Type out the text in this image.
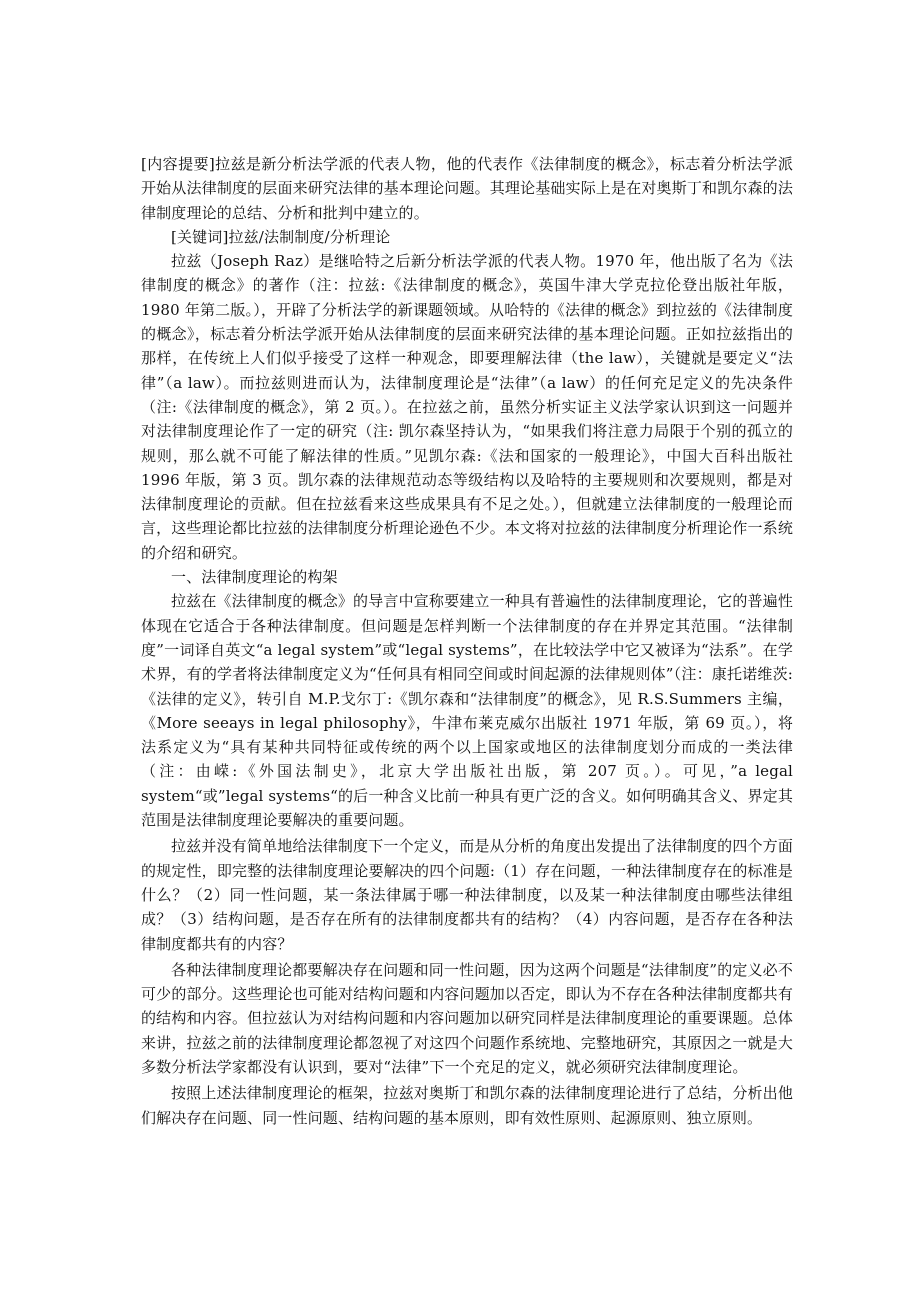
[内容提要]拉兹是新分析法学派的代表人物，他的代表作《法律制度的概念》，标志着分析法学派开始从法律制度的层面来研究法律的基本理论问题。其理论基础实际上是在对奥斯丁和凯尔森的法律制度理论的总结、分析和批判中建立的。

[关键词]拉兹/法制制度/分析理论

拉兹（Joseph Raz）是继哈特之后新分析法学派的代表人物。1970 年，他出版了名为《法律制度的概念》的著作（注：拉兹:《法律制度的概念》，英国牛津大学克拉伦登出版社年版，1980 年第二版。），开辟了分析法学的新课题领域。从哈特的《法律的概念》到拉兹的《法律制度的概念》，标志着分析法学派开始从法律制度的层面来研究法律的基本理论问题。正如拉兹指出的那样，在传统上人们似乎接受了这样一种观念，即要理解法律（the law），关键就是要定义“法律”（a law）。而拉兹则进而认为，法律制度理论是“法律”（a law）的任何充足定义的先决条件（注:《法律制度的概念》，第 2 页。）。在拉兹之前，虽然分析实证主义法学家认识到这一问题并对法律制度理论作了一定的研究（注: 凯尔森坚持认为，“如果我们将注意力局限于个别的孤立的规则，那么就不可能了解法律的性质。”见凯尔森:《法和国家的一般理论》，中国大百科出版社 1996 年版，第 3 页。凯尔森的法律规范动态等级结构以及哈特的主要规则和次要规则，都是对法律制度理论的贡献。但在拉兹看来这些成果具有不足之处。），但就建立法律制度的一般理论而言，这些理论都比拉兹的法律制度分析理论逊色不少。本文将对拉兹的法律制度分析理论作一系统的介绍和研究。

一、法律制度理论的构架

拉兹在《法律制度的概念》的导言中宣称要建立一种具有普遍性的法律制度理论，它的普遍性体现在它适合于各种法律制度。但问题是怎样判断一个法律制度的存在并界定其范围。“法律制度”一词译自英文“a legal system”或“legal systems”，在比较法学中它又被译为“法系”。在学术界，有的学者将法律制度定义为“任何具有相同空间或时间起源的法律规则体”（注：康托诺维茨:《法律的定义》，转引自 M.P.戈尔丁:《凯尔森和“法律制度”的概念》，见 R.S.Summers 主编，《More seeays in legal philosophy》，牛津布莱克威尔出版社 1971 年版，第 69 页。），将法系定义为“具有某种共同特征或传统的两个以上国家或地区的法律制度划分而成的一类法律（注：由嵘:《外国法制史》，北京大学出版社出版，第 207 页。）。可见，”a legal system“或”legal systems“的后一种含义比前一种具有更广泛的含义。如何明确其含义、界定其范围是法律制度理论要解决的重要问题。

拉兹并没有简单地给法律制度下一个定义，而是从分析的角度出发提出了法律制度的四个方面的规定性，即完整的法律制度理论要解决的四个问题:（1）存在问题，一种法律制度存在的标准是什么？（2）同一性问题，某一条法律属于哪一种法律制度，以及某一种法律制度由哪些法律组成？（3）结构问题，是否存在所有的法律制度都共有的结构？（4）内容问题，是否存在各种法律制度都共有的内容？

各种法律制度理论都要解决存在问题和同一性问题，因为这两个问题是“法律制度”的定义必不可少的部分。这些理论也可能对结构问题和内容问题加以否定，即认为不存在各种法律制度都共有的结构和内容。但拉兹认为对结构问题和内容问题加以研究同样是法律制度理论的重要课题。总体来讲，拉兹之前的法律制度理论都忽视了对这四个问题作系统地、完整地研究，其原因之一就是大多数分析法学家都没有认识到，要对“法律”下一个充足的定义，就必须研究法律制度理论。

按照上述法律制度理论的框架，拉兹对奥斯丁和凯尔森的法律制度理论进行了总结，分析出他们解决存在问题、同一性问题、结构问题的基本原则，即有效性原则、起源原则、独立原则。
